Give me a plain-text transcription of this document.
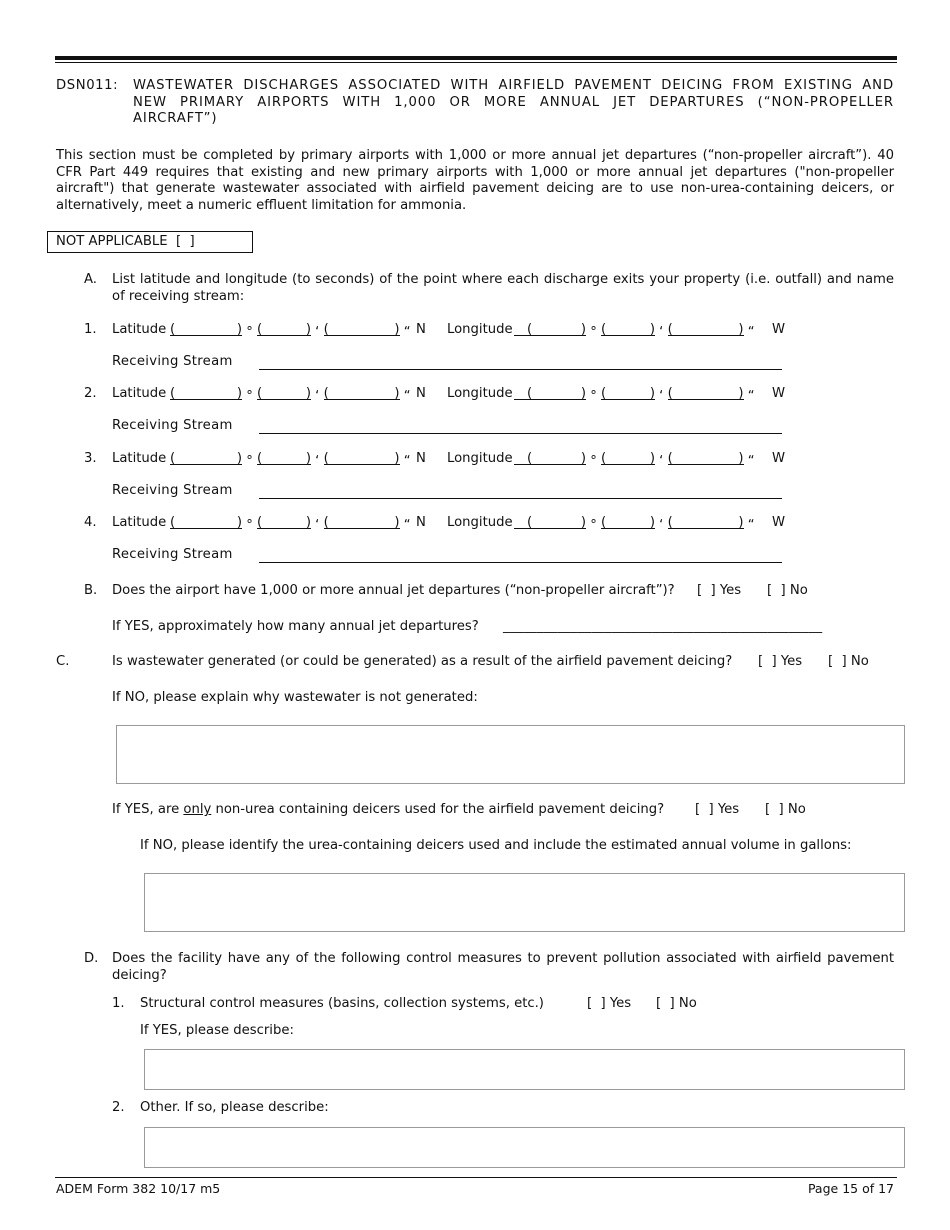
DSN011: WASTEWATER DISCHARGES ASSOCIATED WITH AIRFIELD PAVEMENT DEICING FROM EXISTING AND NEW PRIMARY AIRPORTS WITH 1,000 OR MORE ANNUAL JET DEPARTURES (“NON-PROPELLER AIRCRAFT”)
This section must be completed by primary airports with 1,000 or more annual jet departures (“non-propeller aircraft”). 40 CFR Part 449 requires that existing and new primary airports with 1,000 or more annual jet departures ("non-propeller aircraft") that generate wastewater associated with airfield pavement deicing are to use non-urea-containing deicers, or alternatively, meet a numeric effluent limitation for ammonia.
NOT APPLICABLE  [  ]
A. List latitude and longitude (to seconds) of the point where each discharge exits your property (i.e. outfall) and name of receiving stream:
1. Latitude (	) ° (	) ‘ (	) “ N Longitude (	) ° (	) ‘ (	) “ W
Receiving Stream
2. Latitude (	) ° (	) ‘ (	) “ N Longitude (	) ° (	) ‘ (	) “ W
Receiving Stream
3. Latitude (	) ° (	) ‘ (	) “ N Longitude (	) ° (	) ‘ (	) “ W
Receiving Stream
4. Latitude (	) ° (	) ‘ (	) “ N Longitude (	) ° (	) ‘ (	) “ W
Receiving Stream
B. Does the airport have 1,000 or more annual jet departures (“non-propeller aircraft”)? [  ] Yes [  ] No
If YES, approximately how many annual jet departures? _______________________________________________
C.	Is wastewater generated (or could be generated) as a result of the airfield pavement deicing? [  ] Yes [  ] No
If NO, please explain why wastewater is not generated:
If YES, are only non-urea containing deicers used for the airfield pavement deicing? [  ] Yes [  ] No
If NO, please identify the urea-containing deicers used and include the estimated annual volume in gallons:
D. Does the facility have any of the following control measures to prevent pollution associated with airfield pavement deicing?
1. Structural control measures (basins, collection systems, etc.)	[  ] Yes [  ] No
If YES, please describe:
2. Other. If so, please describe:
ADEM Form 382 10/17 m5	Page 15 of 17
